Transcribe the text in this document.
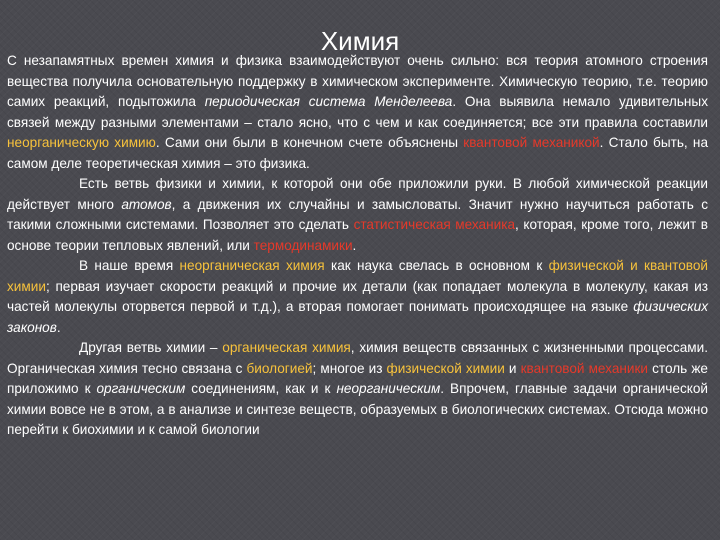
Химия

С незапамятных времен химия и физика взаимодействуют очень сильно: вся теория атомного строения вещества получила основательную поддержку в химическом эксперименте. Химическую теорию, т.е. теорию самих реакций, подытожила периодическая система Менделеева. Она выявила немало удивительных связей между разными элементами – стало ясно, что с чем и как соединяется; все эти правила составили неорганическую химию. Сами они были в конечном счете объяснены квантовой механикой. Стало быть, на самом деле теоретическая химия – это физика.

Есть ветвь физики и химии, к которой они обе приложили руки. В любой химической реакции действует много атомов, а движения их случайны и замысловаты. Значит нужно научиться работать с такими сложными системами. Позволяет это сделать статистическая механика, которая, кроме того, лежит в основе теории тепловых явлений, или термодинамики.

В наше время неорганическая химия как наука свелась в основном к физической и квантовой химии; первая изучает скорости реакций и прочие их детали (как попадает молекула в молекулу, какая из частей молекулы оторвется первой и т.д.), а вторая помогает понимать происходящее на языке физических законов.

Другая ветвь химии – органическая химия, химия веществ связанных с жизненными процессами. Органическая химия тесно связана с биологией; многое из физической химии и квантовой механики столь же приложимо к органическим соединениям, как и к неорганическим. Впрочем, главные задачи органической химии вовсе не в этом, а в анализе и синтезе веществ, образуемых в биологических системах. Отсюда можно перейти к биохимии и к самой биологии
